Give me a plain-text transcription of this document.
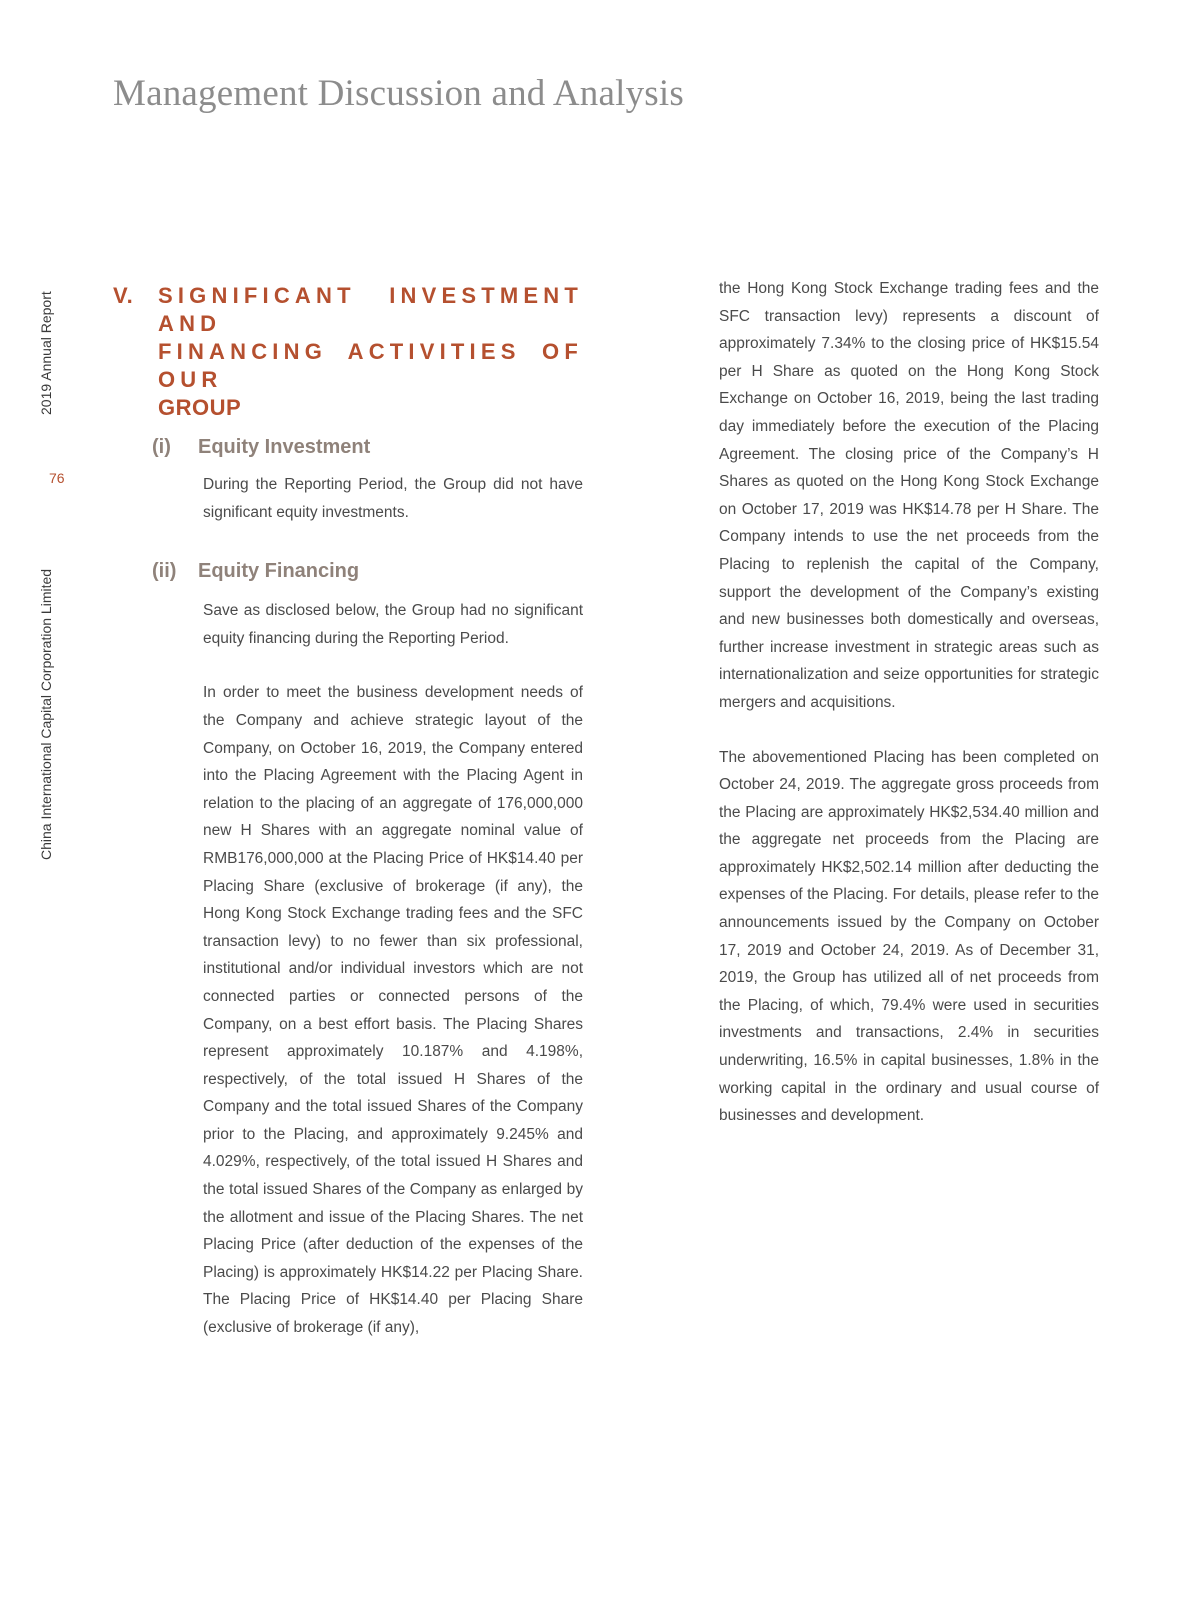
Management Discussion and Analysis
2019 Annual Report
76
China International Capital Corporation Limited
V.	SIGNIFICANT INVESTMENT AND
FINANCING ACTIVITIES OF OUR
GROUP
(i)	Equity Investment

During the Reporting Period, the Group did not have significant equity investments.

(ii)	Equity Financing

Save as disclosed below, the Group had no significant equity financing during the Reporting Period.

In order to meet the business development needs of the Company and achieve strategic layout of the Company, on October 16, 2019, the Company entered into the Placing Agreement with the Placing Agent in relation to the placing of an aggregate of 176,000,000 new H Shares with an aggregate nominal value of RMB176,000,000 at the Placing Price of HK$14.40 per Placing Share (exclusive of brokerage (if any), the Hong Kong Stock Exchange trading fees and the SFC transaction levy) to no fewer than six professional, institutional and/or individual investors which are not connected parties or connected persons of the Company, on a best effort basis. The Placing Shares represent approximately 10.187% and 4.198%, respectively, of the total issued H Shares of the Company and the total issued Shares of the Company prior to the Placing, and approximately 9.245% and 4.029%, respectively, of the total issued H Shares and the total issued Shares of the Company as enlarged by the allotment and issue of the Placing Shares. The net Placing Price (after deduction of the expenses of the Placing) is approximately HK$14.22 per Placing Share. The Placing Price of HK$14.40 per Placing Share (exclusive of brokerage (if any),

the Hong Kong Stock Exchange trading fees and the SFC transaction levy) represents a discount of approximately 7.34% to the closing price of HK$15.54 per H Share as quoted on the Hong Kong Stock Exchange on October 16, 2019, being the last trading day immediately before the execution of the Placing Agreement. The closing price of the Company’s H Shares as quoted on the Hong Kong Stock Exchange on October 17, 2019 was HK$14.78 per H Share. The Company intends to use the net proceeds from the Placing to replenish the capital of the Company, support the development of the Company’s existing and new businesses both domestically and overseas, further increase investment in strategic areas such as internationalization and seize opportunities for strategic mergers and acquisitions.

The abovementioned Placing has been completed on October 24, 2019. The aggregate gross proceeds from the Placing are approximately HK$2,534.40 million and the aggregate net proceeds from the Placing are approximately HK$2,502.14 million after deducting the expenses of the Placing. For details, please refer to the announcements issued by the Company on October 17, 2019 and October 24, 2019. As of December 31, 2019, the Group has utilized all of net proceeds from the Placing, of which, 79.4% were used in securities investments and transactions, 2.4% in securities underwriting, 16.5% in capital businesses, 1.8% in the working capital in the ordinary and usual course of businesses and development.
